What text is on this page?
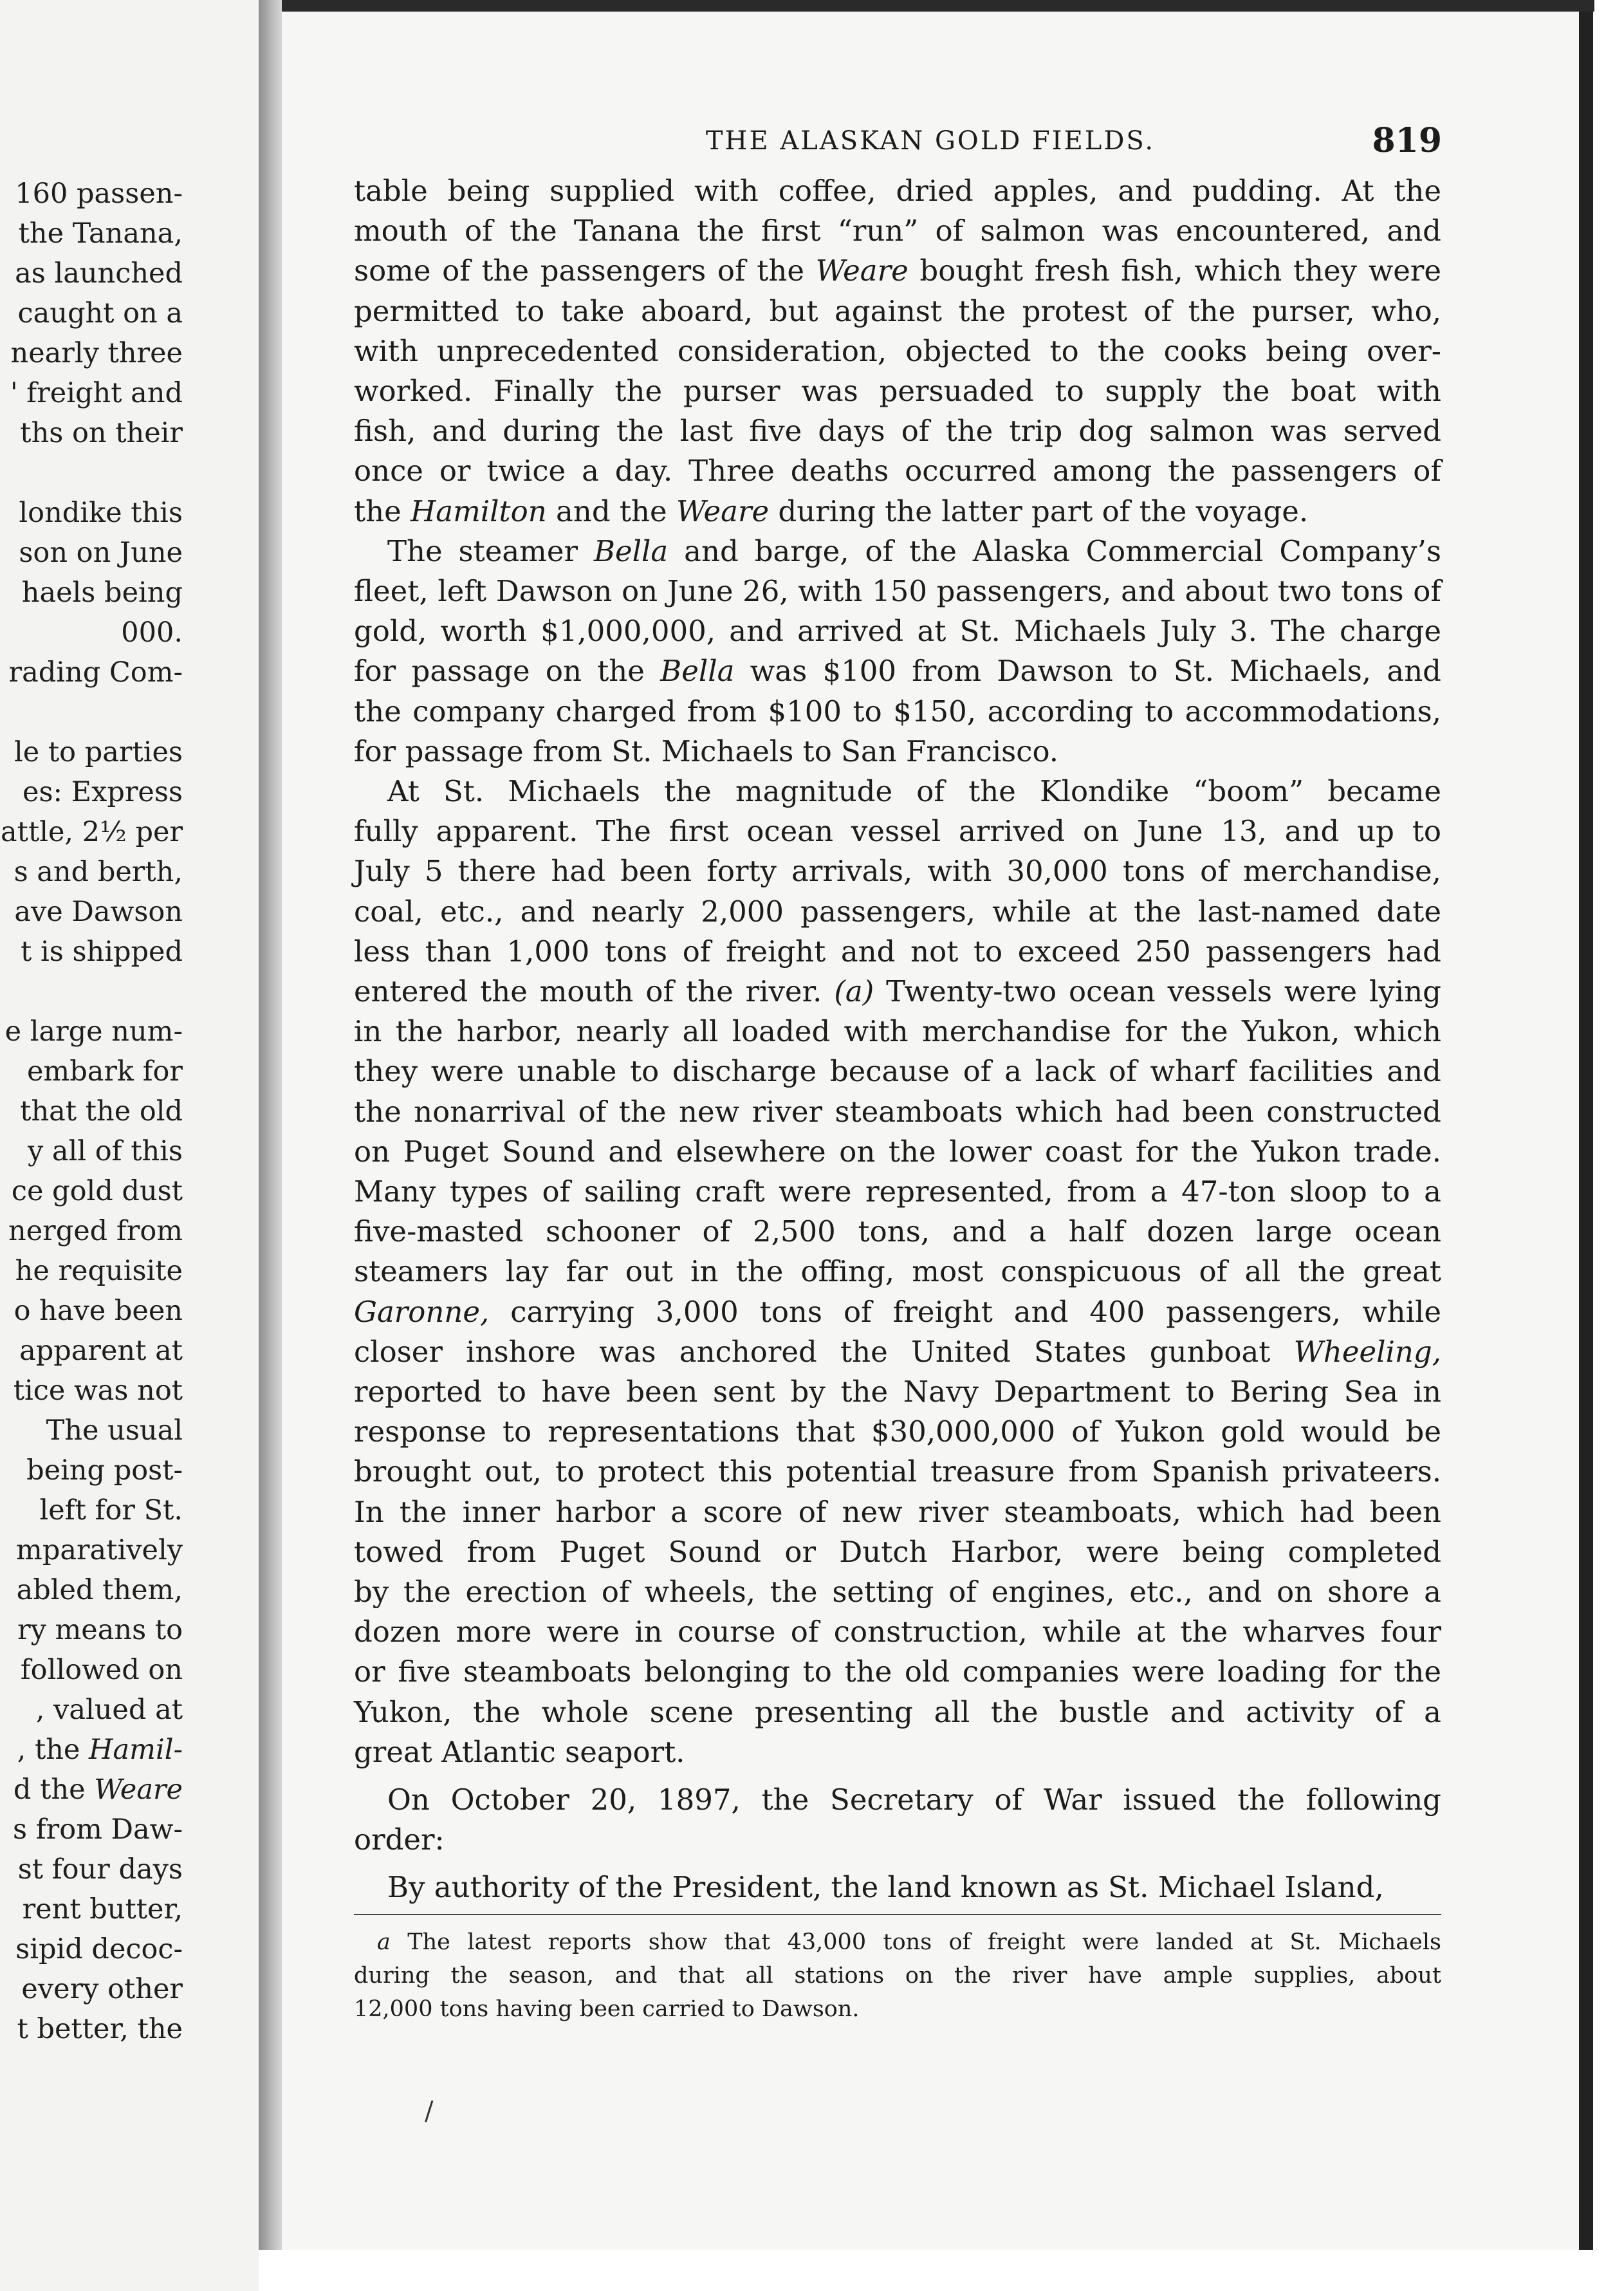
160 passen-
the Tanana,
as launched
caught on a
nearly three
' freight and
ths on their
londike this
son on June
haels being
000.
rading Com-
le to parties
es: Express
attle, 2½ per
s and berth,
ave Dawson
t is shipped
e large num-
embark for
that the old
y all of this
ce gold dust
nerged from
he requisite
o have been
apparent at
tice was not
The usual
being post-
left for St.
mparatively
abled them,
ry means to
followed on
, valued at
, the Hamil-
d the Weare
s from Daw-
st four days
rent butter,
sipid decoc-
every other
t better, the
THE ALASKAN GOLD FIELDS.	819
/
table being supplied with coffee, dried apples, and pudding. At the
mouth of the Tanana the first “run” of salmon was encountered, and
some of the passengers of the Weare bought fresh fish, which they were
permitted to take aboard, but against the protest of the purser, who,
with unprecedented consideration, objected to the cooks being over-
worked. Finally the purser was persuaded to supply the boat with
fish, and during the last five days of the trip dog salmon was served
once or twice a day. Three deaths occurred among the passengers of
the Hamilton and the Weare during the latter part of the voyage.
The steamer Bella and barge, of the Alaska Commercial Company’s
fleet, left Dawson on June 26, with 150 passengers, and about two tons of
gold, worth $1,000,000, and arrived at St. Michaels July 3. The charge
for passage on the Bella was $100 from Dawson to St. Michaels, and
the company charged from $100 to $150, according to accommodations,
for passage from St. Michaels to San Francisco.
At St. Michaels the magnitude of the Klondike “boom” became
fully apparent. The first ocean vessel arrived on June 13, and up to
July 5 there had been forty arrivals, with 30,000 tons of merchandise,
coal, etc., and nearly 2,000 passengers, while at the last-named date
less than 1,000 tons of freight and not to exceed 250 passengers had
entered the mouth of the river. (a) Twenty-two ocean vessels were lying
in the harbor, nearly all loaded with merchandise for the Yukon, which
they were unable to discharge because of a lack of wharf facilities and
the nonarrival of the new river steamboats which had been constructed
on Puget Sound and elsewhere on the lower coast for the Yukon trade.
Many types of sailing craft were represented, from a 47-ton sloop to a
five-masted schooner of 2,500 tons, and a half dozen large ocean
steamers lay far out in the offing, most conspicuous of all the great
Garonne, carrying 3,000 tons of freight and 400 passengers, while
closer inshore was anchored the United States gunboat Wheeling,
reported to have been sent by the Navy Department to Bering Sea in
response to representations that $30,000,000 of Yukon gold would be
brought out, to protect this potential treasure from Spanish privateers.
In the inner harbor a score of new river steamboats, which had been
towed from Puget Sound or Dutch Harbor, were being completed
by the erection of wheels, the setting of engines, etc., and on shore a
dozen more were in course of construction, while at the wharves four
or five steamboats belonging to the old companies were loading for the
Yukon, the whole scene presenting all the bustle and activity of a
great Atlantic seaport.
On October 20, 1897, the Secretary of War issued the following
order:
By authority of the President, the land known as St. Michael Island,
a The latest reports show that 43,000 tons of freight were landed at St. Michaels
during the season, and that all stations on the river have ample supplies, about
12,000 tons having been carried to Dawson.
